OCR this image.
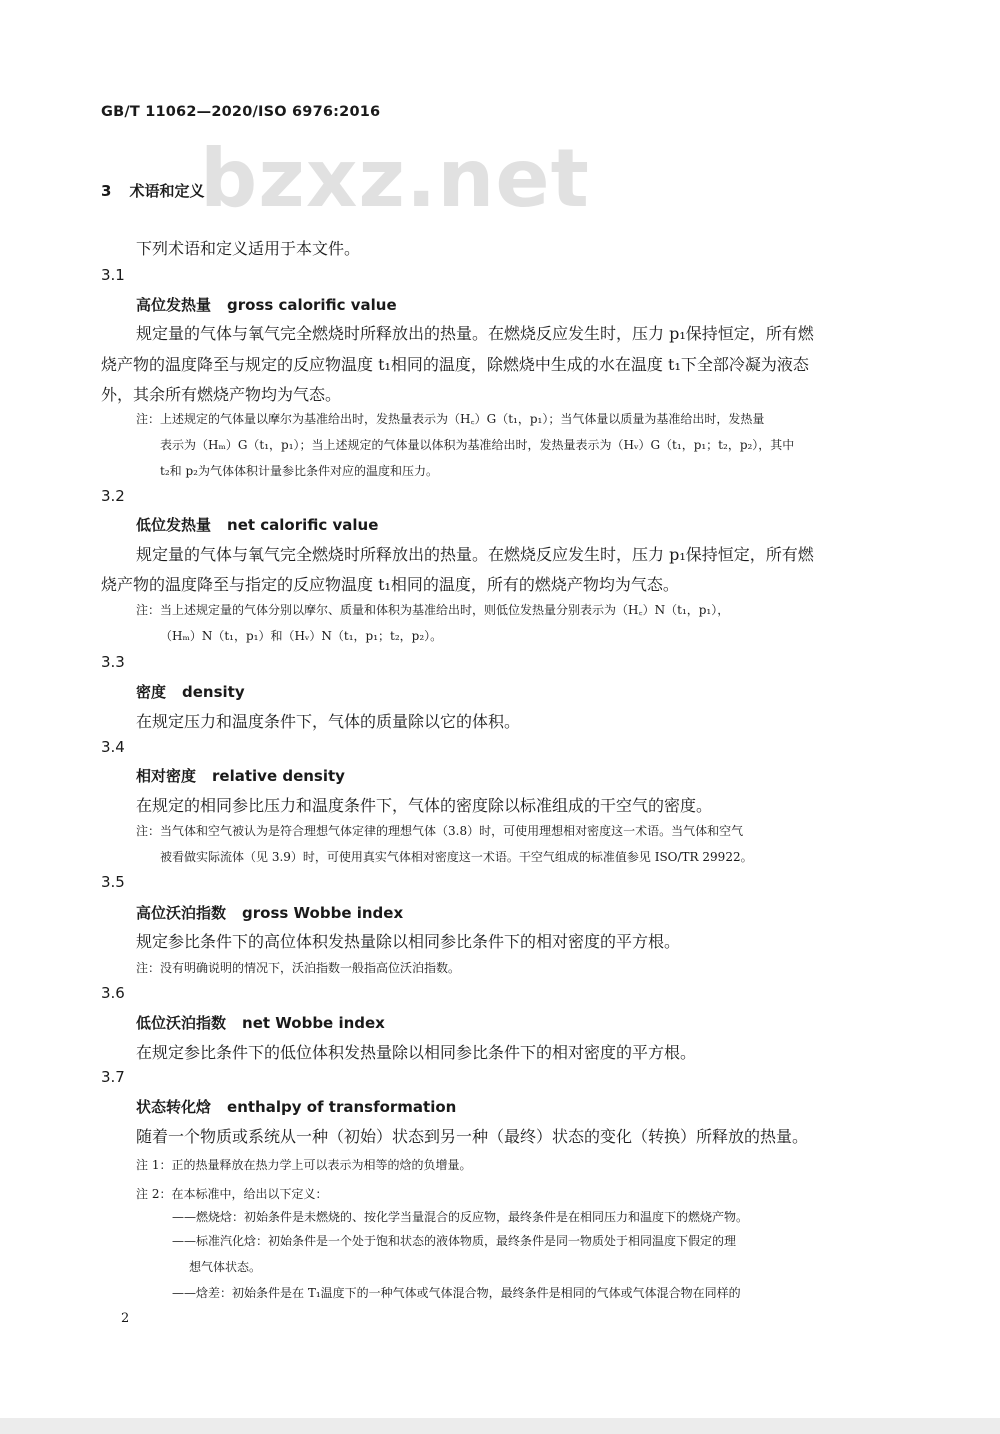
bzxz.net
GB/T 11062—2020/ISO 6976:2016
3 术语和定义
下列术语和定义适用于本文件。
3.1
高位发热量 gross calorific value
规定量的气体与氧气完全燃烧时所释放出的热量。在燃烧反应发生时，压力 p₁保持恒定，所有燃
烧产物的温度降至与规定的反应物温度 t₁相同的温度，除燃烧中生成的水在温度 t₁下全部冷凝为液态
外，其余所有燃烧产物均为气态。
注：上述规定的气体量以摩尔为基准给出时，发热量表示为（H꜀）G（t₁，p₁）；当气体量以质量为基准给出时，发热量
表示为（Hₘ）G（t₁，p₁）；当上述规定的气体量以体积为基准给出时，发热量表示为（Hᵥ）G（t₁，p₁；t₂，p₂），其中
t₂和 p₂为气体体积计量参比条件对应的温度和压力。
3.2
低位发热量 net calorific value
规定量的气体与氧气完全燃烧时所释放出的热量。在燃烧反应发生时，压力 p₁保持恒定，所有燃
烧产物的温度降至与指定的反应物温度 t₁相同的温度，所有的燃烧产物均为气态。
注：当上述规定量的气体分别以摩尔、质量和体积为基准给出时，则低位发热量分别表示为（H꜀）N（t₁，p₁），
（Hₘ）N（t₁，p₁）和（Hᵥ）N（t₁，p₁；t₂，p₂）。
3.3
密度 density
在规定压力和温度条件下，气体的质量除以它的体积。
3.4
相对密度 relative density
在规定的相同参比压力和温度条件下，气体的密度除以标准组成的干空气的密度。
注：当气体和空气被认为是符合理想气体定律的理想气体（3.8）时，可使用理想相对密度这一术语。当气体和空气
被看做实际流体（见 3.9）时，可使用真实气体相对密度这一术语。干空气组成的标准值参见 ISO/TR 29922。
3.5
高位沃泊指数 gross Wobbe index
规定参比条件下的高位体积发热量除以相同参比条件下的相对密度的平方根。
注：没有明确说明的情况下，沃泊指数一般指高位沃泊指数。
3.6
低位沃泊指数 net Wobbe index
在规定参比条件下的低位体积发热量除以相同参比条件下的相对密度的平方根。
3.7
状态转化焓 enthalpy of transformation
随着一个物质或系统从一种（初始）状态到另一种（最终）状态的变化（转换）所释放的热量。
注 1：正的热量释放在热力学上可以表示为相等的焓的负增量。
注 2：在本标准中，给出以下定义：
——燃烧焓：初始条件是未燃烧的、按化学当量混合的反应物，最终条件是在相同压力和温度下的燃烧产物。
——标准汽化焓：初始条件是一个处于饱和状态的液体物质，最终条件是同一物质处于相同温度下假定的理
想气体状态。
——焓差：初始条件是在 T₁温度下的一种气体或气体混合物，最终条件是相同的气体或气体混合物在同样的
2
